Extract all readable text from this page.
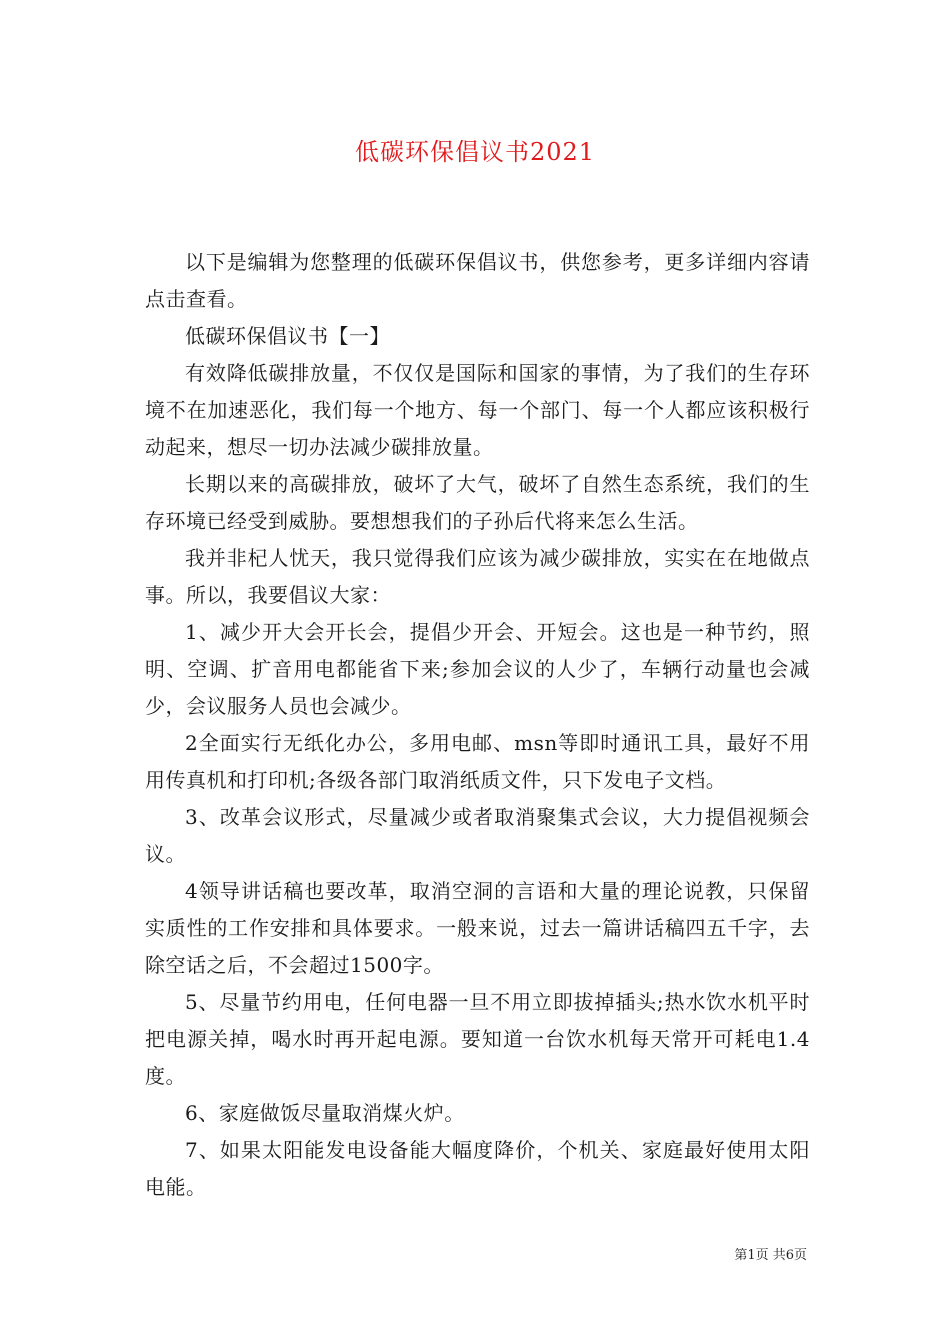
低碳环保倡议书2021

以下是编辑为您整理的低碳环保倡议书，供您参考，更多详细内容请点击查看。

低碳环保倡议书【一】

有效降低碳排放量，不仅仅是国际和国家的事情，为了我们的生存环境不在加速恶化，我们每一个地方、每一个部门、每一个人都应该积极行动起来，想尽一切办法减少碳排放量。

长期以来的高碳排放，破坏了大气，破坏了自然生态系统，我们的生存环境已经受到威胁。要想想我们的子孙后代将来怎么生活。

我并非杞人忧天，我只觉得我们应该为减少碳排放，实实在在地做点事。所以，我要倡议大家：

1、减少开大会开长会，提倡少开会、开短会。这也是一种节约，照明、空调、扩音用电都能省下来;参加会议的人少了，车辆行动量也会减少，会议服务人员也会减少。

2全面实行无纸化办公，多用电邮、msn等即时通讯工具，最好不用用传真机和打印机;各级各部门取消纸质文件，只下发电子文档。

3、改革会议形式，尽量减少或者取消聚集式会议，大力提倡视频会议。

4领导讲话稿也要改革，取消空洞的言语和大量的理论说教，只保留实质性的工作安排和具体要求。一般来说，过去一篇讲话稿四五千字，去除空话之后，不会超过1500字。

5、尽量节约用电，任何电器一旦不用立即拔掉插头;热水饮水机平时把电源关掉，喝水时再开起电源。要知道一台饮水机每天常开可耗电1.4度。

6、家庭做饭尽量取消煤火炉。

7、如果太阳能发电设备能大幅度降价，个机关、家庭最好使用太阳电能。

第1页 共6页
